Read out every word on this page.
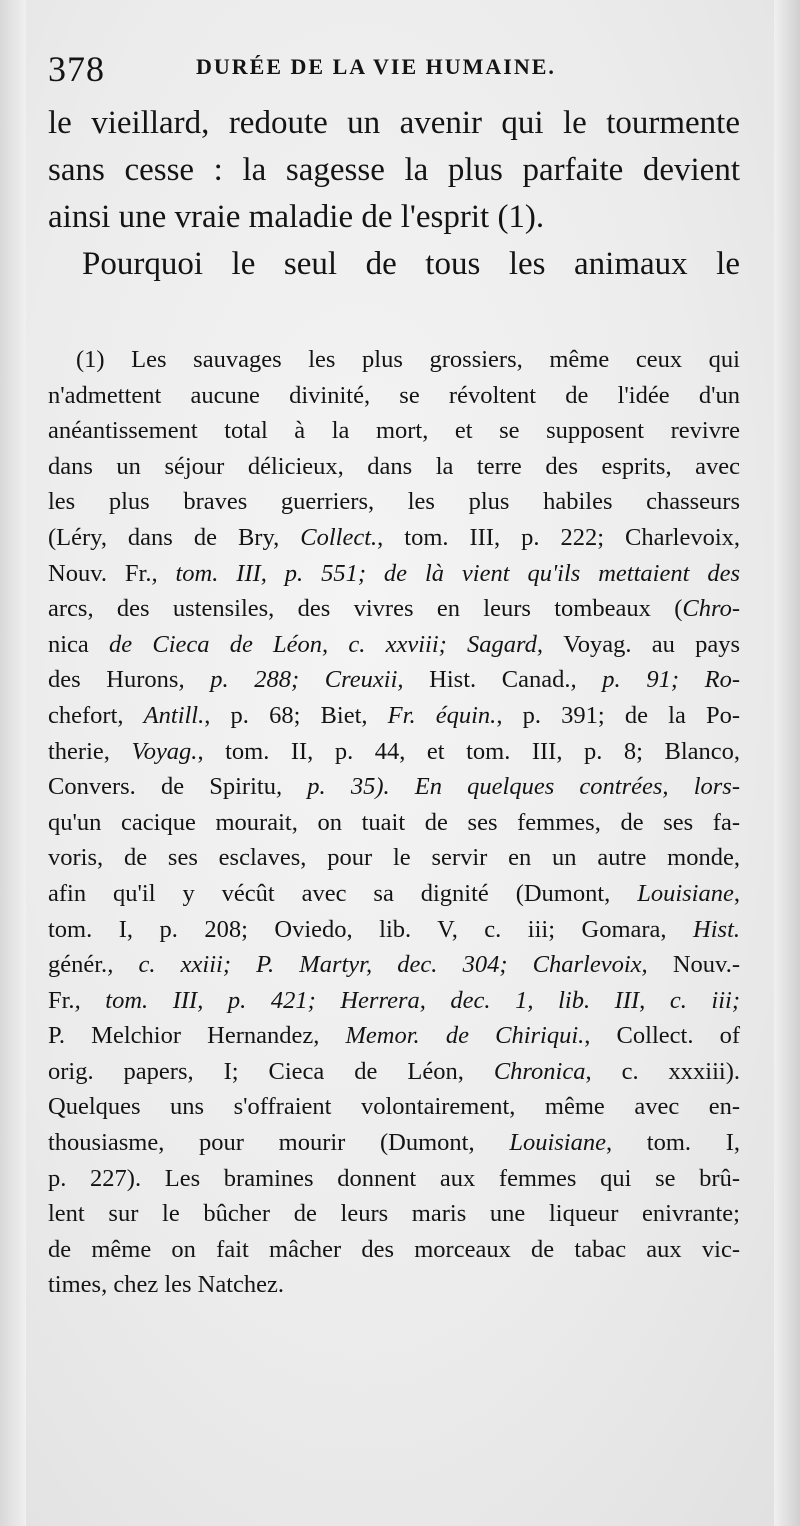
378	DURÉE DE LA VIE HUMAINE.
le vieillard, redoute un avenir qui le tourmente
sans cesse : la sagesse la plus parfaite devient
ainsi une vraie maladie de l'esprit (1).
Pourquoi le seul de tous les animaux le
(1) Les sauvages les plus grossiers, même ceux qui
n'admettent aucune divinité, se révoltent de l'idée d'un
anéantissement total à la mort, et se supposent revivre
dans un séjour délicieux, dans la terre des esprits, avec
les plus braves guerriers, les plus habiles chasseurs
(Léry, dans de Bry, Collect., tom. III, p. 222; Charlevoix,
Nouv. Fr., tom. III, p. 551; de là vient qu'ils mettaient des
arcs, des ustensiles, des vivres en leurs tombeaux (Chro-
nica de Cieca de Léon, c. xxviii; Sagard, Voyag. au pays
des Hurons, p. 288; Creuxii, Hist. Canad., p. 91; Ro-
chefort, Antill., p. 68; Biet, Fr. équin., p. 391; de la Po-
therie, Voyag., tom. II, p. 44, et tom. III, p. 8; Blanco,
Convers. de Spiritu, p. 35). En quelques contrées, lors-
qu'un cacique mourait, on tuait de ses femmes, de ses fa-
voris, de ses esclaves, pour le servir en un autre monde,
afin qu'il y vécût avec sa dignité (Dumont, Louisiane,
tom. I, p. 208; Oviedo, lib. V, c. iii; Gomara, Hist.
génér., c. xxiii; P. Martyr, dec. 304; Charlevoix, Nouv.-
Fr., tom. III, p. 421; Herrera, dec. 1, lib. III, c. iii;
P. Melchior Hernandez, Memor. de Chiriqui., Collect. of
orig. papers, I; Cieca de Léon, Chronica, c. xxxiii).
Quelques uns s'offraient volontairement, même avec en-
thousiasme, pour mourir (Dumont, Louisiane, tom. I,
p. 227). Les bramines donnent aux femmes qui se brû-
lent sur le bûcher de leurs maris une liqueur enivrante;
de même on fait mâcher des morceaux de tabac aux vic-
times, chez les Natchez.
